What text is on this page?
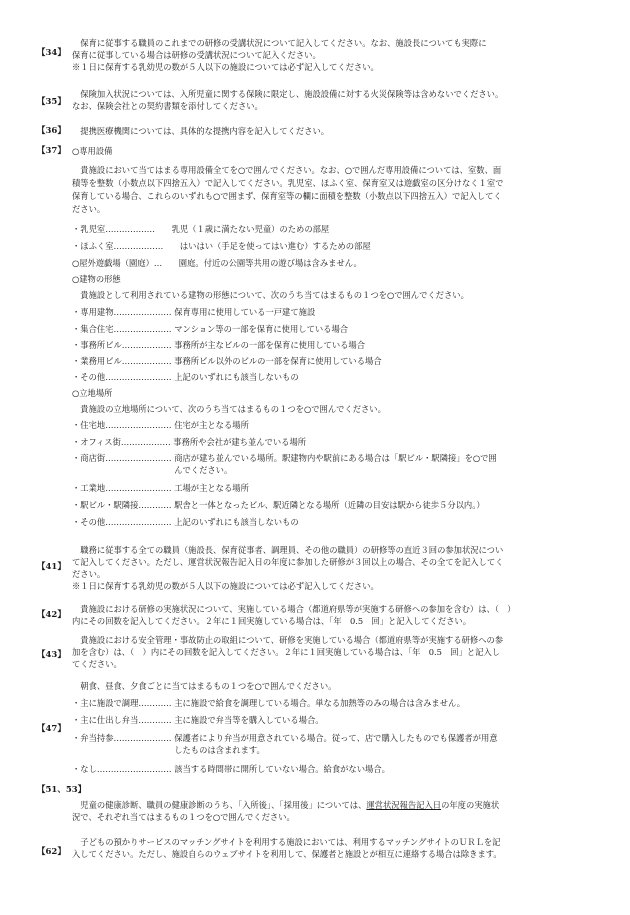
【34】
　保育に従事する職員のこれまでの研修の受講状況について記入してください。なお、施設長についても実際に
保育に従事している場合は研修の受講状況について記入ください。
※１日に保育する乳幼児の数が５人以下の施設については必ず記入してください。
【35】
　保険加入状況については、入所児童に関する保険に限定し、施設設備に対する火災保険等は含めないでください。
なお、保険会社との契約書類を添付してください。
【36】 　提携医療機関については、具体的な提携内容を記入してください。
【37】 ○専用設備
　貴施設において当てはまる専用設備全てを○で囲んでください。なお、○で囲んだ専用設備については、室数、面
積等を整数（小数点以下四捨五入）で記入してください。乳児室、ほふく室、保育室又は遊戯室の区分けなく１室で
保育している場合、これらのいずれも○で囲まず、保育室等の欄に面積を整数（小数点以下四捨五入）で記入してく
ださい。
・乳児室………………　　乳児（１歳に満たない児童）のための部屋
・ほふく室………………　　はいはい（手足を使ってはい進む）するための部屋
○屋外遊戯場（園庭）…　　園庭。付近の公園等共用の遊び場は含みません。
○建物の形態
　貴施設として利用されている建物の形態について、次のうち当てはまるもの１つを○で囲んでください。
・専用建物………………… 保育専用に使用している一戸建て施設
・集合住宅………………… マンション等の一部を保育に使用している場合
・事務所ビル……………… 事務所が主なビルの一部を保育に使用している場合
・業務用ビル……………… 事務所ビル以外のビルの一部を保育に使用している場合
・その他…………………… 上記のいずれにも該当しないもの
○立地場所
　貴施設の立地場所について、次のうち当てはまるもの１つを○で囲んでください。
・住宅地…………………… 住宅が主となる場所
・オフィス街……………… 事務所や会社が建ち並んでいる場所
・商店街…………………… 商店が建ち並んでいる場所。駅建物内や駅前にある場合は「駅ビル・駅隣接」を○で囲
　　　　　　　　　　　　 んでください。
・工業地…………………… 工場が主となる場所
・駅ビル・駅隣接………… 駅舎と一体となったビル、駅近隣となる場所（近隣の目安は駅から徒歩５分以内。）
・その他…………………… 上記のいずれにも該当しないもの
【41】
　職務に従事する全ての職員（施設長、保育従事者、調理員、その他の職員）の研修等の直近３回の参加状況につい
て記入してください。ただし、運営状況報告記入日の年度に参加した研修が３回以上の場合、その全てを記入してく
ださい。
※１日に保育する乳幼児の数が５人以下の施設については必ず記入してください。
【42】
　貴施設における研修の実施状況について、実施している場合（都道府県等が実施する研修への参加を含む）は、（　）
内にその回数を記入してください。２年に１回実施している場合は、「年　0.5　回」と記入してください。
【43】
　貴施設における安全管理・事故防止の取組について、研修を実施している場合（都道府県等が実施する研修への参
加を含む）は、（　）内にその回数を記入してください。２年に１回実施している場合は、「年　0.5　回」と記入し
てください。
【47】
　朝食、昼食、夕食ごとに当てはまるもの１つを○で囲んでください。
・主に施設で調理………… 主に施設で給食を調理している場合。単なる加熱等のみの場合は含みません。
・主に仕出し弁当………… 主に施設で弁当等を購入している場合。
・弁当持参………………… 保護者により弁当が用意されている場合。従って、店で購入したものでも保護者が用意
　　　　　　　　　　　　 したものは含まれます。
・なし……………………… 該当する時間帯に開所していない場合。給食がない場合。
【51、53】
　児童の健康診断、職員の健康診断のうち、「入所後」、「採用後」については、運営状況報告記入日の年度の実施状
況で、それぞれ当てはまるもの１つを○で囲んでください。
【62】
　子どもの預かりサービスのマッチングサイトを利用する施設においては、利用するマッチングサイトのＵＲＬを記
入してください。ただし、施設自らのウェブサイトを利用して、保護者と施設とが相互に連絡する場合は除きます。
